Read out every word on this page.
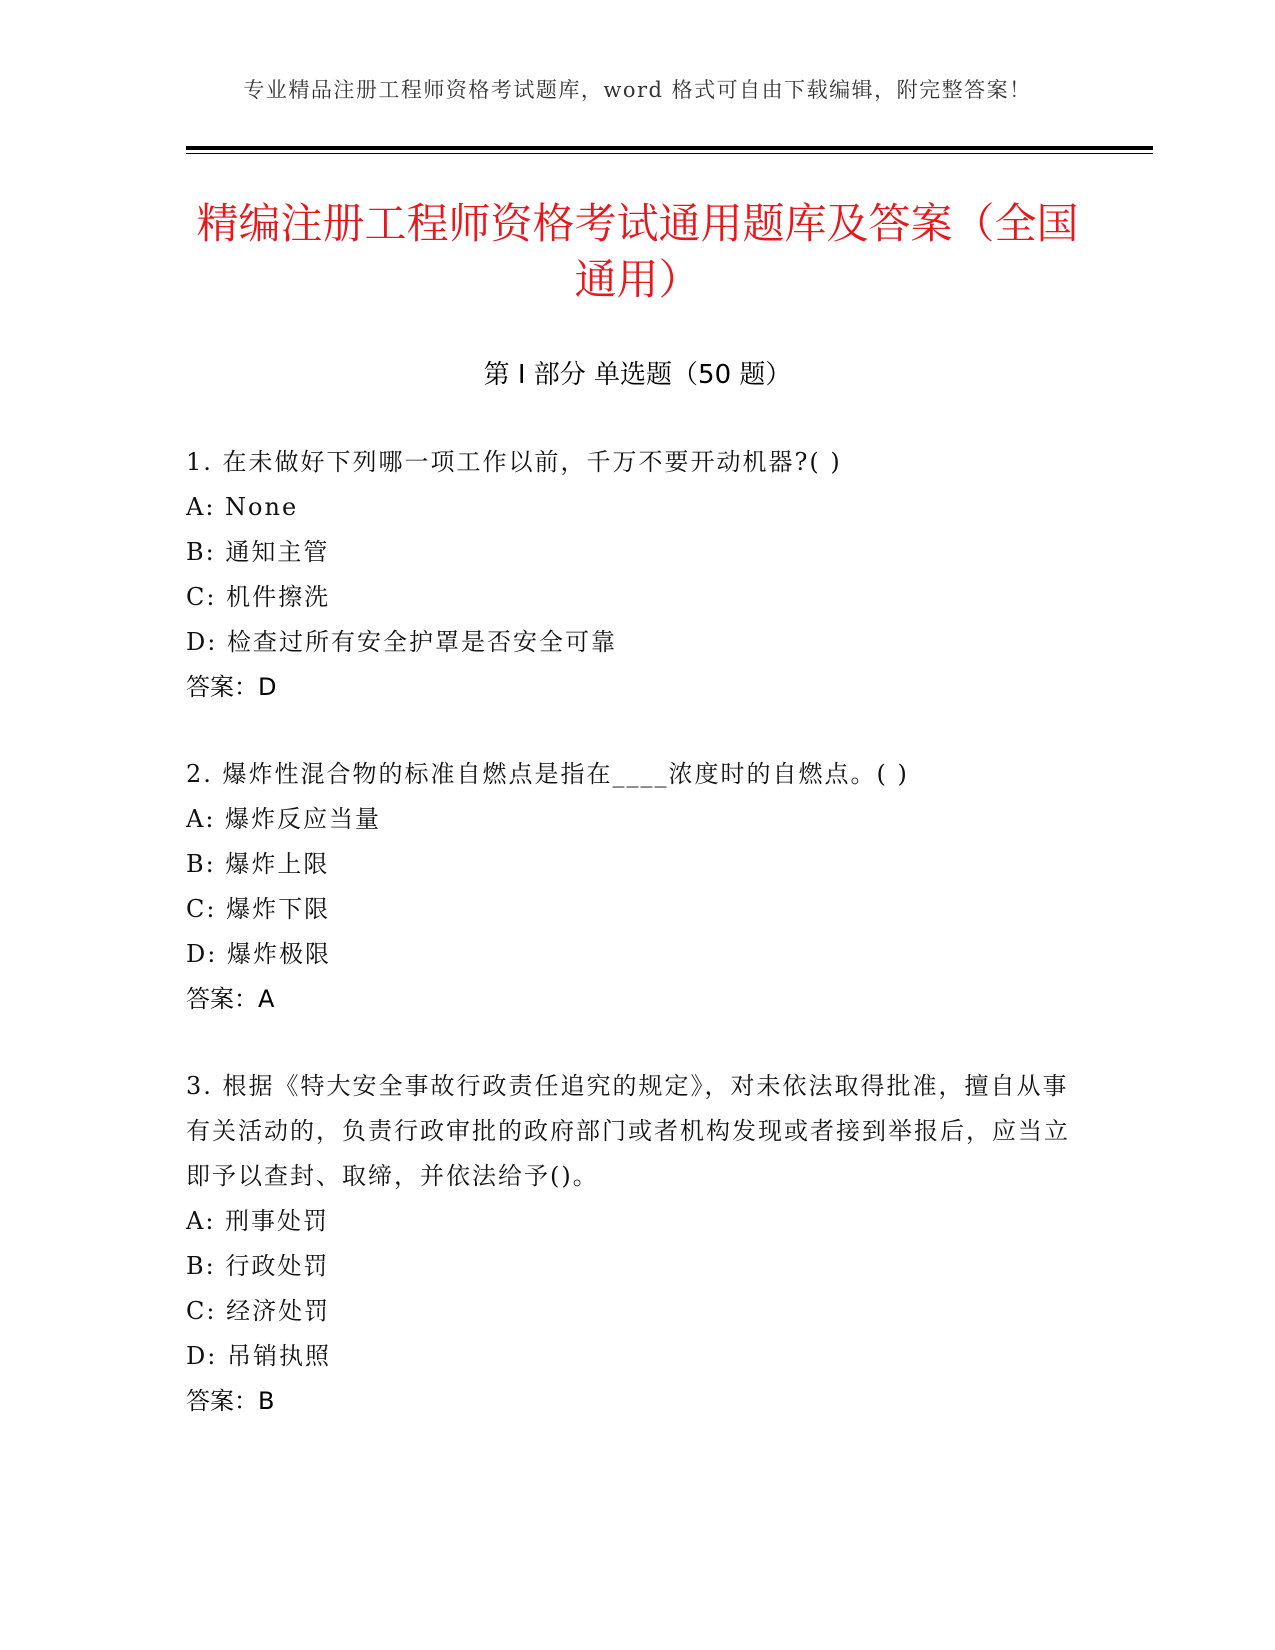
专业精品注册工程师资格考试题库，word 格式可自由下载编辑，附完整答案！
精编注册工程师资格考试通用题库及答案（全国通用）
第 I 部分 单选题（50 题）
1. 在未做好下列哪一项工作以前，千万不要开动机器?( )
A: None
B: 通知主管
C: 机件擦洗
D: 检查过所有安全护罩是否安全可靠
答案：D
2. 爆炸性混合物的标准自燃点是指在____浓度时的自燃点。( )
A: 爆炸反应当量
B: 爆炸上限
C: 爆炸下限
D: 爆炸极限
答案：A
3. 根据《特大安全事故行政责任追究的规定》，对未依法取得批准，擅自从事有关活动的，负责行政审批的政府部门或者机构发现或者接到举报后，应当立即予以查封、取缔，并依法给予()。
A: 刑事处罚
B: 行政处罚
C: 经济处罚
D: 吊销执照
答案：B
